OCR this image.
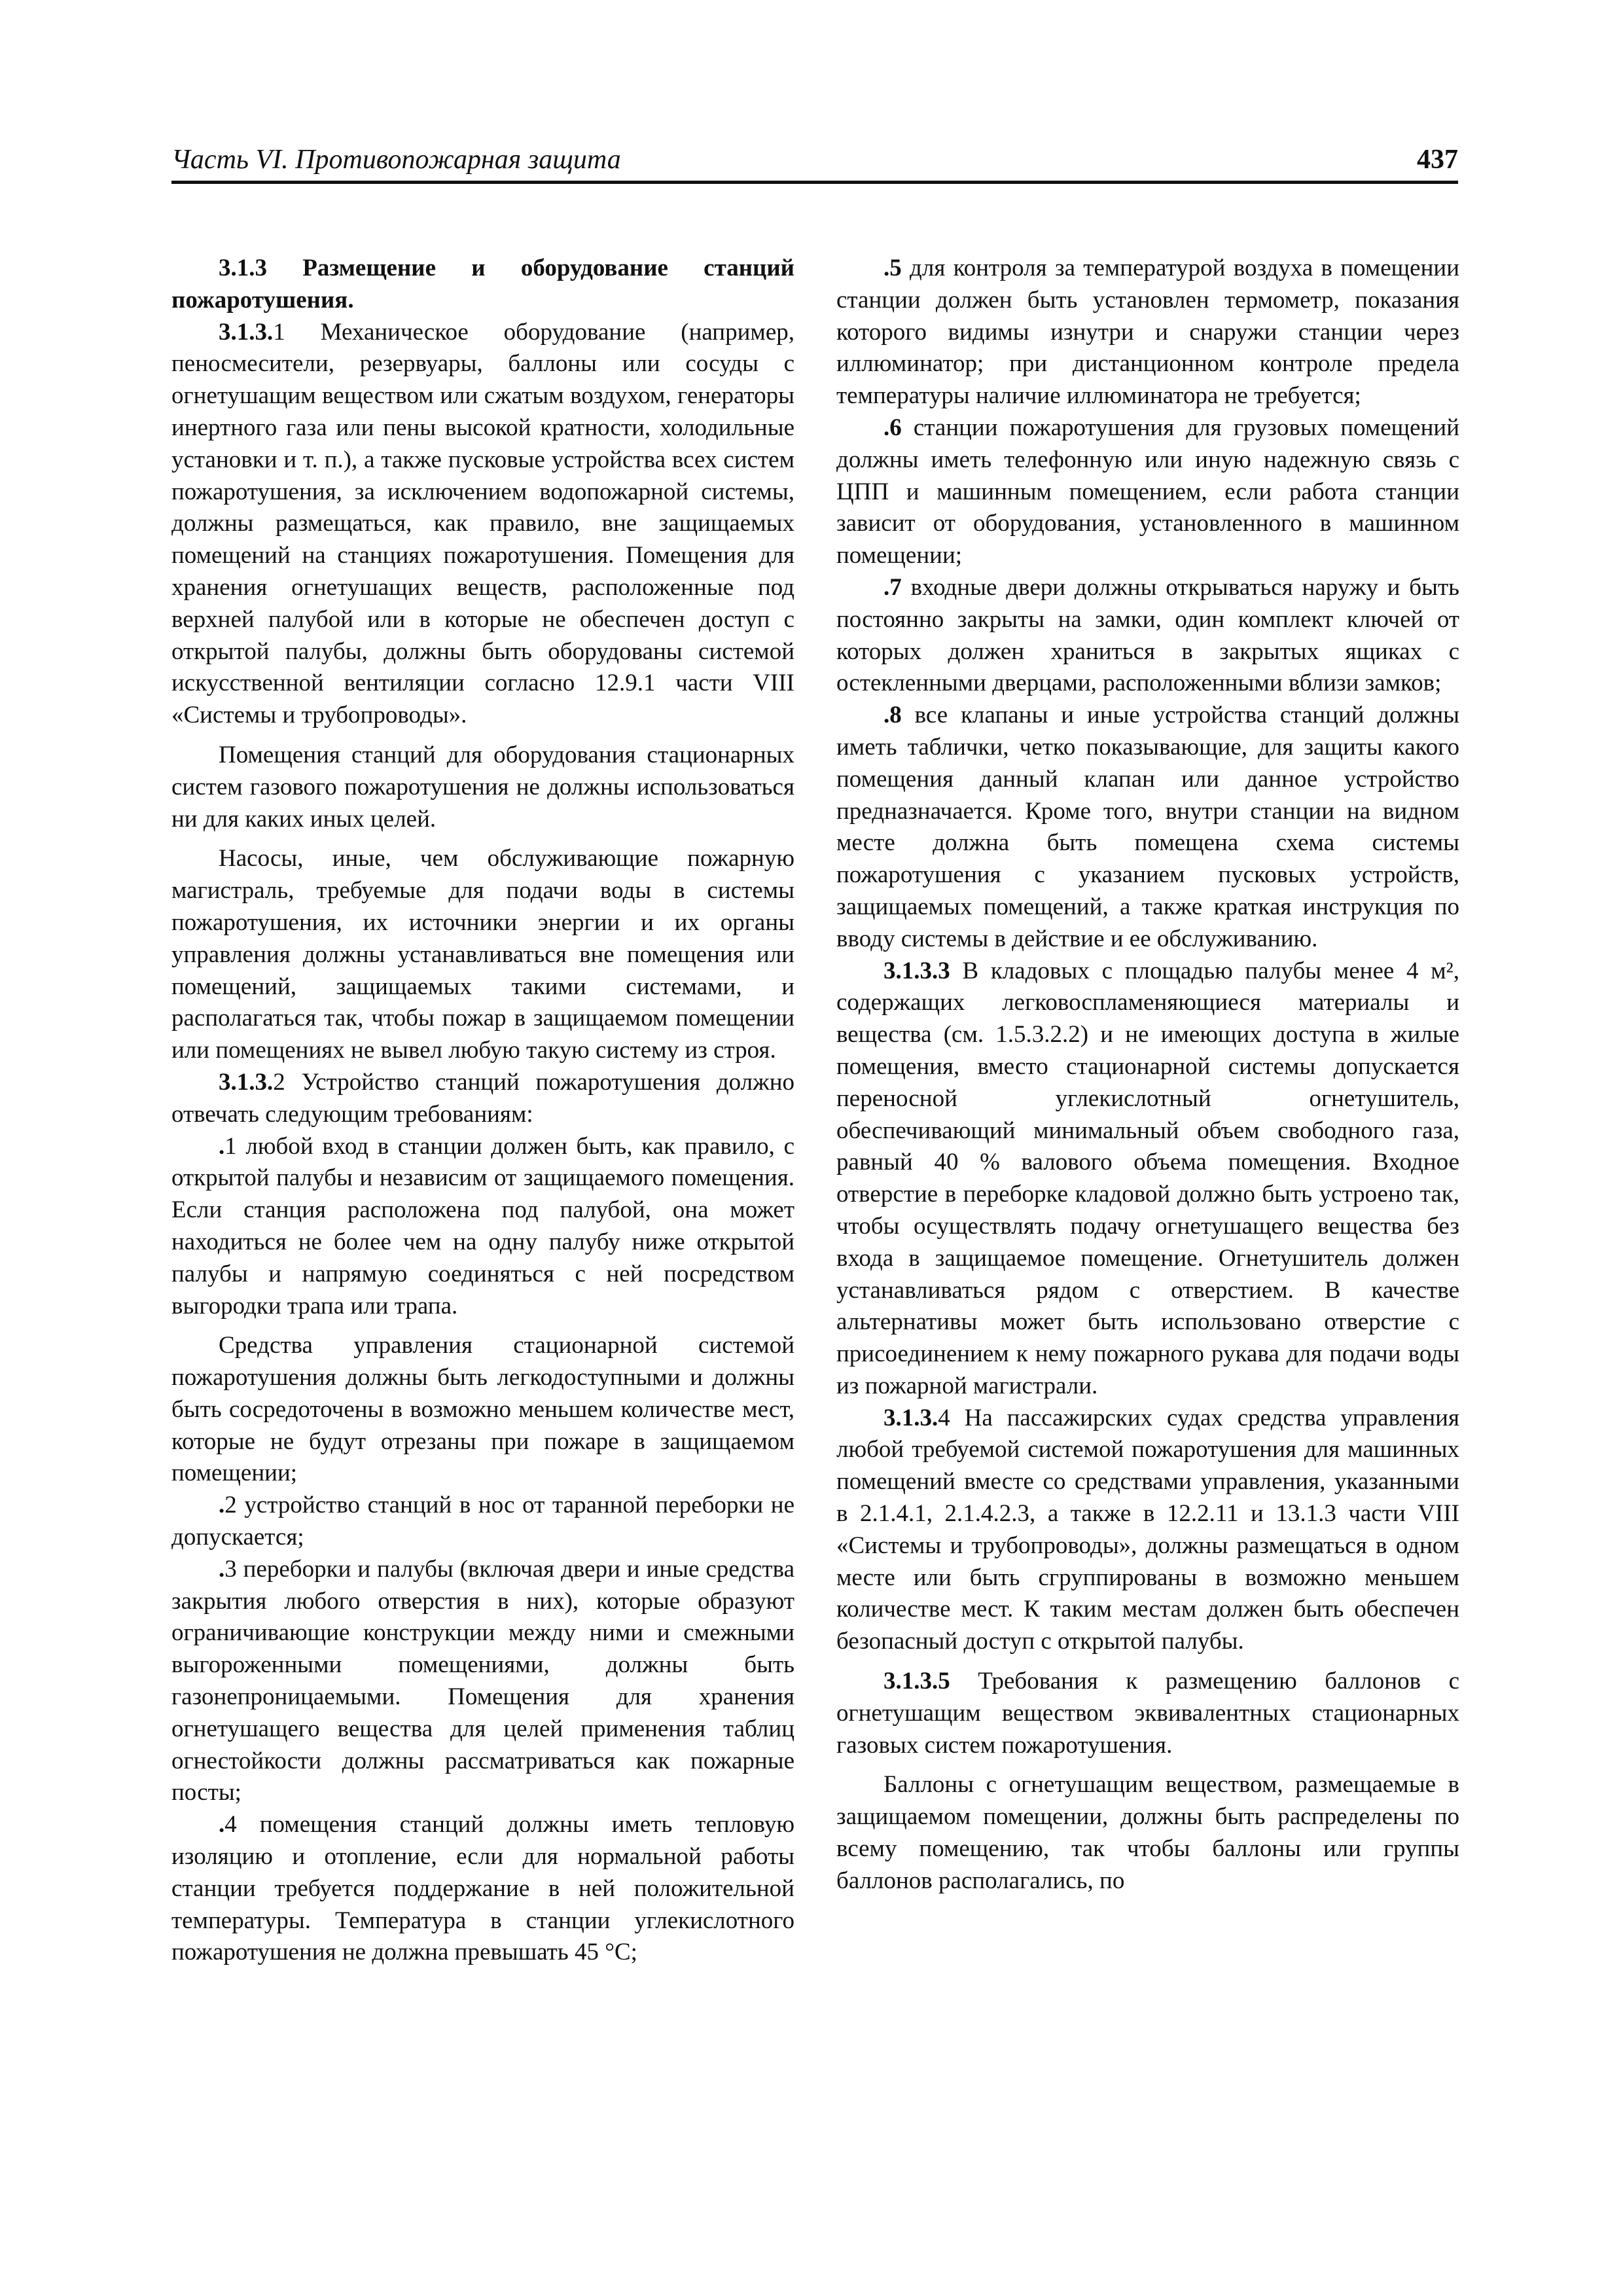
Часть VI. Противопожарная защита	437

3.1.3 Размещение и оборудование станций пожаротушения.

3.1.3.1 Механическое оборудование (например, пеносмесители, резервуары, баллоны или сосуды с огнетушащим веществом или сжатым воздухом, генераторы инертного газа или пены высокой кратности, холодильные установки и т. п.), а также пусковые устройства всех систем пожаротушения, за исключением водопожарной системы, должны размещаться, как правило, вне защищаемых помещений на станциях пожаротушения. Помещения для хранения огнетушащих веществ, расположенные под верхней палубой или в которые не обеспечен доступ с открытой палубы, должны быть оборудованы системой искусственной вентиляции согласно 12.9.1 части VIII «Системы и трубопроводы».

Помещения станций для оборудования стационарных систем газового пожаротушения не должны использоваться ни для каких иных целей.

Насосы, иные, чем обслуживающие пожарную магистраль, требуемые для подачи воды в системы пожаротушения, их источники энергии и их органы управления должны устанавливаться вне помещения или помещений, защищаемых такими системами, и располагаться так, чтобы пожар в защищаемом помещении или помещениях не вывел любую такую систему из строя.

3.1.3.2 Устройство станций пожаротушения должно отвечать следующим требованиям:

.1 любой вход в станции должен быть, как правило, с открытой палубы и независим от защищаемого помещения. Если станция расположена под палубой, она может находиться не более чем на одну палубу ниже открытой палубы и напрямую соединяться с ней посредством выгородки трапа или трапа.

Средства управления стационарной системой пожаротушения должны быть легкодоступными и должны быть сосредоточены в возможно меньшем количестве мест, которые не будут отрезаны при пожаре в защищаемом помещении;

.2 устройство станций в нос от таранной переборки не допускается;

.3 переборки и палубы (включая двери и иные средства закрытия любого отверстия в них), которые образуют ограничивающие конструкции между ними и смежными выгороженными помещениями, должны быть газонепроницаемыми. Помещения для хранения огнетушащего вещества для целей применения таблиц огнестойкости должны рассматриваться как пожарные посты;

.4 помещения станций должны иметь тепловую изоляцию и отопление, если для нормальной работы станции требуется поддержание в ней положительной температуры. Температура в станции углекислотного пожаротушения не должна превышать 45 °С;

.5 для контроля за температурой воздуха в помещении станции должен быть установлен термометр, показания которого видимы изнутри и снаружи станции через иллюминатор; при дистанционном контроле предела температуры наличие иллюминатора не требуется;

.6 станции пожаротушения для грузовых помещений должны иметь телефонную или иную надежную связь с ЦПП и машинным помещением, если работа станции зависит от оборудования, установленного в машинном помещении;

.7 входные двери должны открываться наружу и быть постоянно закрыты на замки, один комплект ключей от которых должен храниться в закрытых ящиках с остекленными дверцами, расположенными вблизи замков;

.8 все клапаны и иные устройства станций должны иметь таблички, четко показывающие, для защиты какого помещения данный клапан или данное устройство предназначается. Кроме того, внутри станции на видном месте должна быть помещена схема системы пожаротушения с указанием пусковых устройств, защищаемых помещений, а также краткая инструкция по вводу системы в действие и ее обслуживанию.

3.1.3.3 В кладовых с площадью палубы менее 4 м², содержащих легковоспламеняющиеся материалы и вещества (см. 1.5.3.2.2) и не имеющих доступа в жилые помещения, вместо стационарной системы допускается переносной углекислотный огнетушитель, обеспечивающий минимальный объем свободного газа, равный 40 % валового объема помещения. Входное отверстие в переборке кладовой должно быть устроено так, чтобы осуществлять подачу огнетушащего вещества без входа в защищаемое помещение. Огнетушитель должен устанавливаться рядом с отверстием. В качестве альтернативы может быть использовано отверстие с присоединением к нему пожарного рукава для подачи воды из пожарной магистрали.

3.1.3.4 На пассажирских судах средства управления любой требуемой системой пожаротушения для машинных помещений вместе со средствами управления, указанными в 2.1.4.1, 2.1.4.2.3, а также в 12.2.11 и 13.1.3 части VIII «Системы и трубопроводы», должны размещаться в одном месте или быть сгруппированы в возможно меньшем количестве мест. К таким местам должен быть обеспечен безопасный доступ с открытой палубы.

3.1.3.5 Требования к размещению баллонов с огнетушащим веществом эквивалентных стационарных газовых систем пожаротушения.

Баллоны с огнетушащим веществом, размещаемые в защищаемом помещении, должны быть распределены по всему помещению, так чтобы баллоны или группы баллонов располагались, по
